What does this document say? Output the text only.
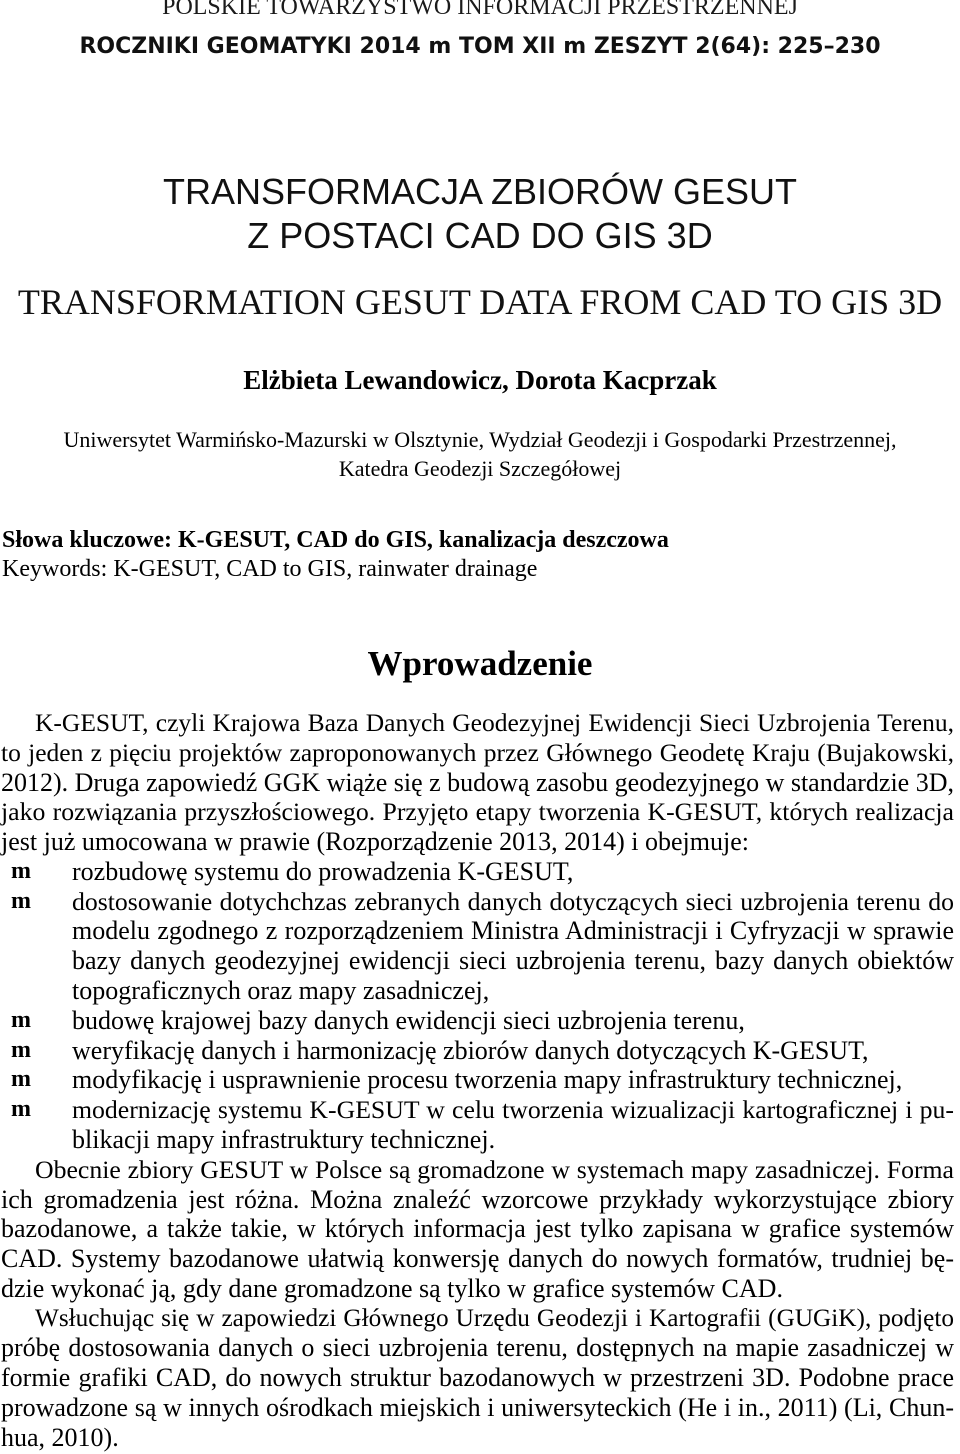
POLSKIE TOWARZYSTWO INFORMACJI PRZESTRZENNEJ
ROCZNIKI GEOMATYKI 2014 m TOM XII m ZESZYT 2(64): 225–230
TRANSFORMACJA ZBIORÓW GESUT
Z POSTACI CAD DO GIS 3D
TRANSFORMATION GESUT DATA FROM CAD TO GIS 3D
Elżbieta Lewandowicz, Dorota Kacprzak
Uniwersytet Warmińsko-Mazurski w Olsztynie, Wydział Geodezji i Gospodarki Przestrzennej,
Katedra Geodezji Szczegółowej
Słowa kluczowe: K-GESUT, CAD do GIS, kanalizacja deszczowa
Keywords: K-GESUT, CAD to GIS, rainwater drainage
Wprowadzenie
K-GESUT, czyli Krajowa Baza Danych Geodezyjnej Ewidencji Sieci Uzbrojenia Terenu,
to jeden z pięciu projektów zaproponowanych przez Głównego Geodetę Kraju (Bujakowski,
2012). Druga zapowiedź GGK wiąże się z budową zasobu geodezyjnego w standardzie 3D,
jako rozwiązania przyszłościowego. Przyjęto etapy tworzenia K-GESUT, których realizacja
jest już umocowana w prawie (Rozporządzenie 2013, 2014) i obejmuje:
m rozbudowę systemu do prowadzenia K-GESUT,
m dostosowanie dotychchzas zebranych danych dotyczących sieci uzbrojenia terenu do
modelu zgodnego z rozporządzeniem Ministra Administracji i Cyfryzacji w sprawie
bazy danych geodezyjnej ewidencji sieci uzbrojenia terenu, bazy danych obiektów
topograficznych oraz mapy zasadniczej,
m budowę krajowej bazy danych ewidencji sieci uzbrojenia terenu,
m weryfikację danych i harmonizację zbiorów danych dotyczących K-GESUT,
m modyfikację i usprawnienie procesu tworzenia mapy infrastruktury technicznej,
m modernizację systemu K-GESUT w celu tworzenia wizualizacji kartograficznej i pu-
blikacji mapy infrastruktury technicznej.
Obecnie zbiory GESUT w Polsce są gromadzone w systemach mapy zasadniczej. Forma
ich gromadzenia jest różna. Można znaleźć wzorcowe przykłady wykorzystujące zbiory
bazodanowe, a także takie, w których informacja jest tylko zapisana w grafice systemów
CAD. Systemy bazodanowe ułatwią konwersję danych do nowych formatów, trudniej bę-
dzie wykonać ją, gdy dane gromadzone są tylko w grafice systemów CAD.
Wsłuchując się w zapowiedzi Głównego Urzędu Geodezji i Kartografii (GUGiK), podjęto
próbę dostosowania danych o sieci uzbrojenia terenu, dostępnych na mapie zasadniczej w
formie grafiki CAD, do nowych struktur bazodanowych w przestrzeni 3D. Podobne prace
prowadzone są w innych ośrodkach miejskich i uniwersyteckich (He i in., 2011) (Li, Chun-
hua, 2010).
